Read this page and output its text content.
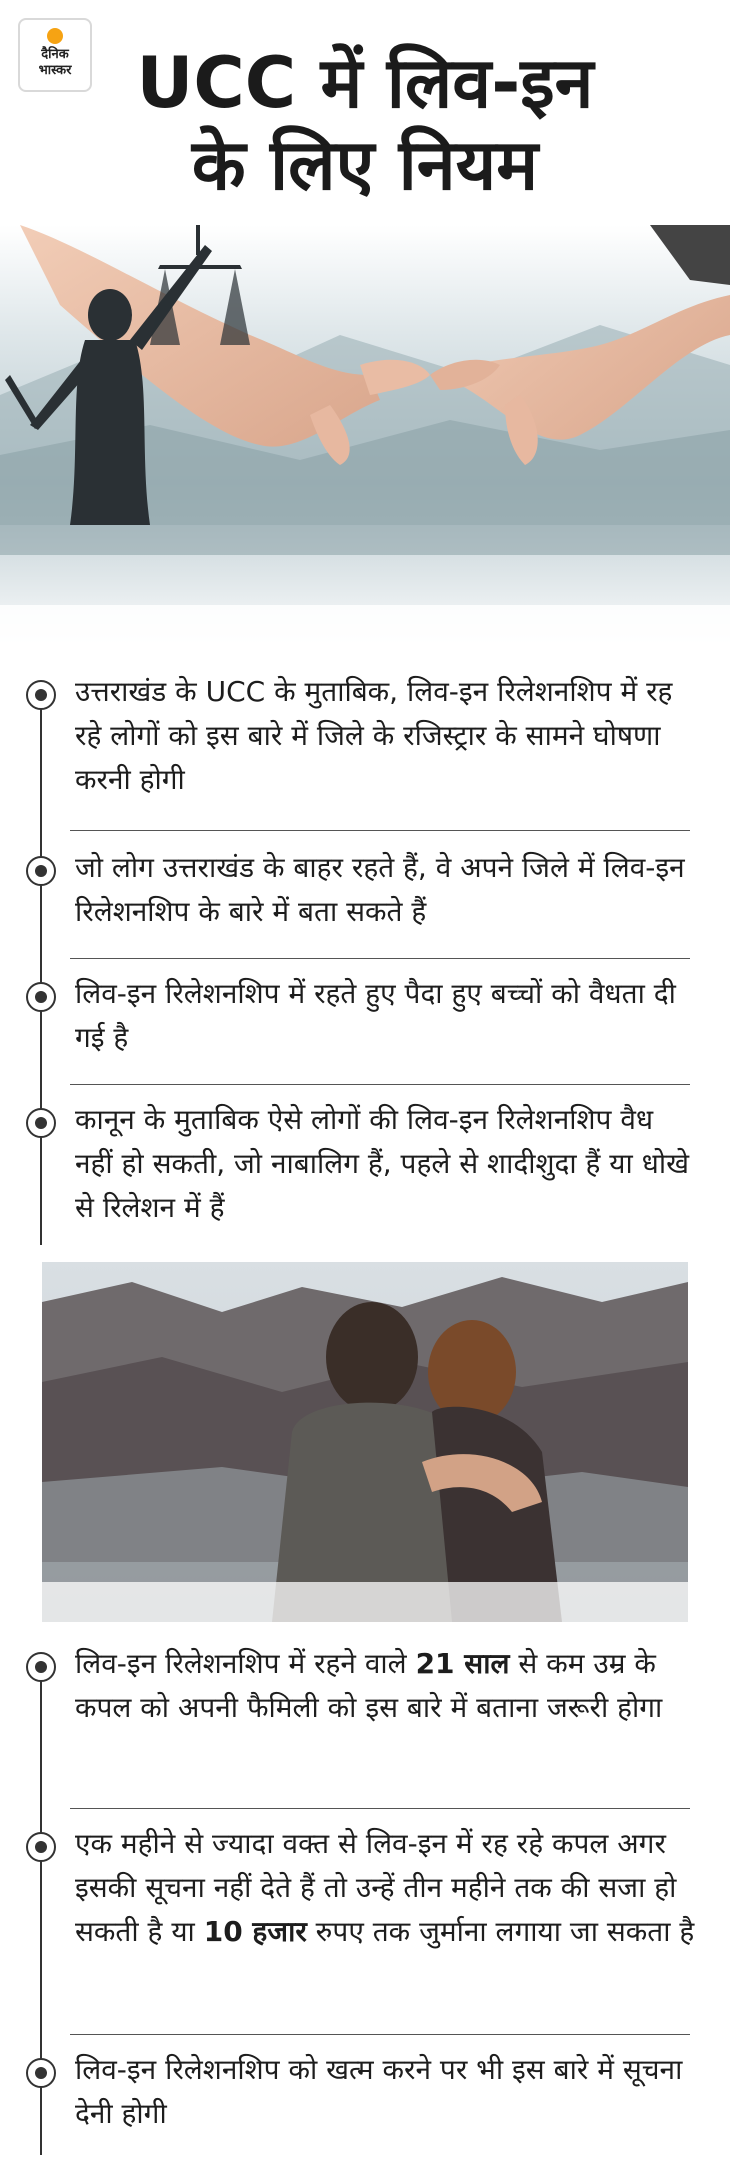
दैनिक
भास्कर UCC में लिव-इन
के लिए नियम
उत्तराखंड के UCC के मुताबिक, लिव-इन रिलेशनशिप में रह रहे लोगों को इस बारे में जिले के रजिस्ट्रार के सामने घोषणा करनी होगी
जो लोग उत्तराखंड के बाहर रहते हैं, वे अपने जिले में लिव-इन रिलेशनशिप के बारे में बता सकते हैं
लिव-इन रिलेशनशिप में रहते हुए पैदा हुए बच्चों को वैधता दी गई है
कानून के मुताबिक ऐसे लोगों की लिव-इन रिलेशनशिप वैध नहीं हो सकती, जो नाबालिग हैं, पहले से शादीशुदा हैं या धोखे से रिलेशन में हैं
लिव-इन रिलेशनशिप में रहने वाले 21 साल से कम उम्र के कपल को अपनी फैमिली को इस बारे में बताना जरूरी होगा
एक महीने से ज्यादा वक्त से लिव-इन में रह रहे कपल अगर इसकी सूचना नहीं देते हैं तो उन्हें तीन महीने तक की सजा हो सकती है या 10 हजार रुपए तक जुर्माना लगाया जा सकता है
लिव-इन रिलेशनशिप को खत्म करने पर भी इस बारे में सूचना देनी होगी
